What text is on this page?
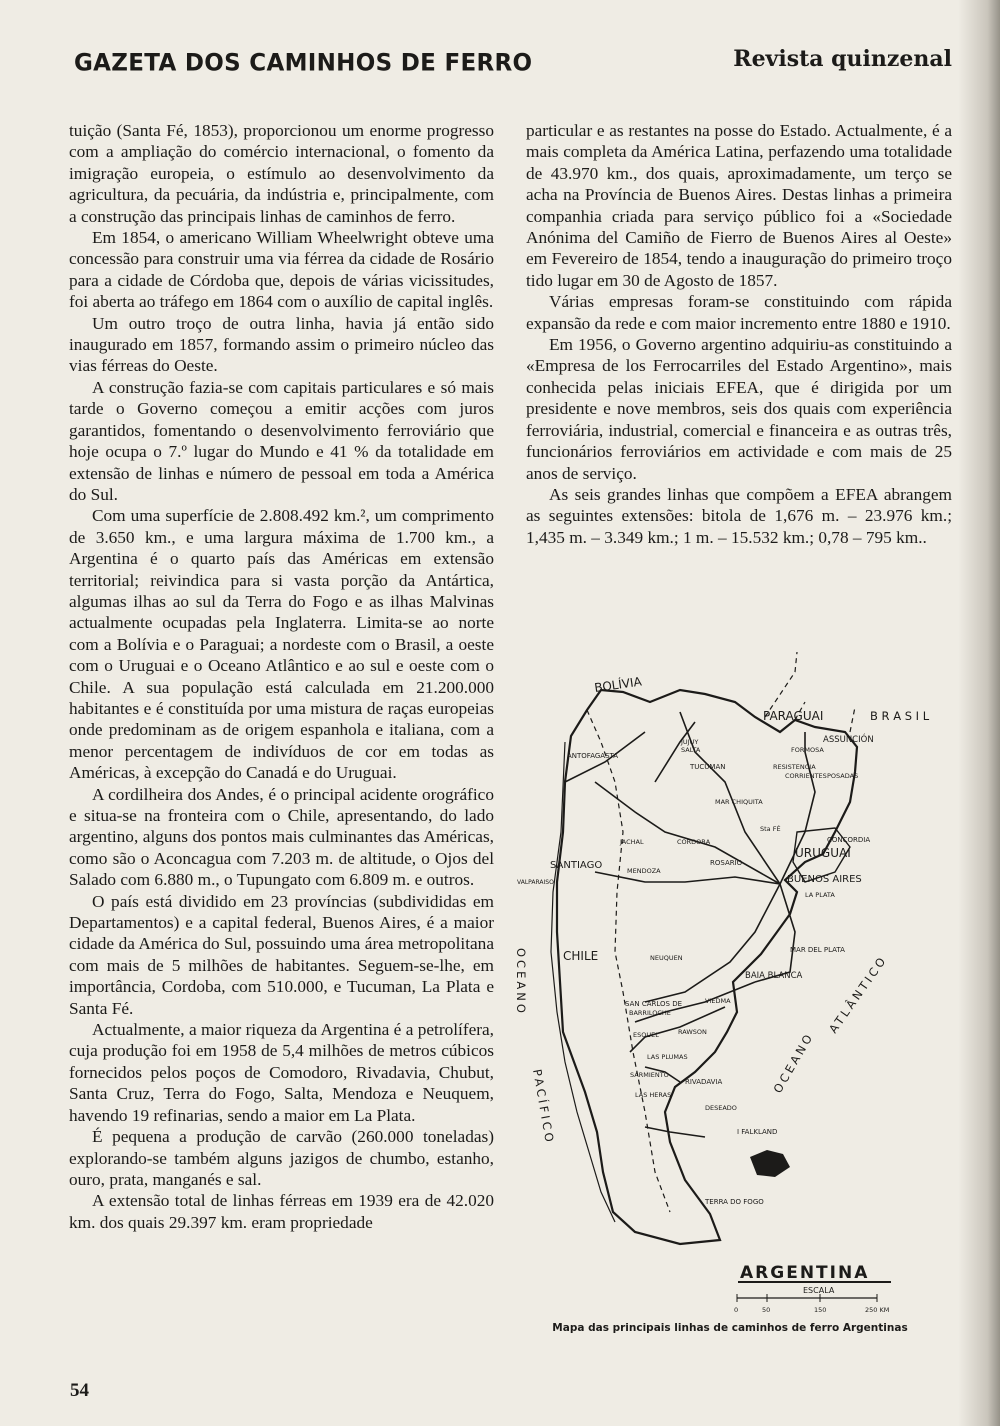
GAZETA DOS CAMINHOS DE FERRO	Revista quinzenal

tuição (Santa Fé, 1853), proporcionou um enorme progresso com a ampliação do comércio internacional, o fomento da imigração europeia, o estímulo ao desenvolvimento da agricultura, da pecuária, da indústria e, principalmente, com a construção das principais linhas de caminhos de ferro.

Em 1854, o americano William Wheelwright obteve uma concessão para construir uma via férrea da cidade de Rosário para a cidade de Córdoba que, depois de várias vicissitudes, foi aberta ao tráfego em 1864 com o auxílio de capital inglês.

Um outro troço de outra linha, havia já então sido inaugurado em 1857, formando assim o primeiro núcleo das vias férreas do Oeste.

A construção fazia-se com capitais particulares e só mais tarde o Governo começou a emitir acções com juros garantidos, fomentando o desenvolvimento ferroviário que hoje ocupa o 7.º lugar do Mundo e 41 % da totalidade em extensão de linhas e número de pessoal em toda a América do Sul.

Com uma superfície de 2.808.492 km.², um comprimento de 3.650 km., e uma largura máxima de 1.700 km., a Argentina é o quarto país das Américas em extensão territorial; reivindica para si vasta porção da Antártica, algumas ilhas ao sul da Terra do Fogo e as ilhas Malvinas actualmente ocupadas pela Inglaterra. Limita-se ao norte com a Bolívia e o Paraguai; a nordeste com o Brasil, a oeste com o Uruguai e o Oceano Atlântico e ao sul e oeste com o Chile. A sua população está calculada em 21.200.000 habitantes e é constituída por uma mistura de raças europeias onde predominam as de origem espanhola e italiana, com a menor percentagem de indivíduos de cor em todas as Américas, à excepção do Canadá e do Uruguai.

A cordilheira dos Andes, é o principal acidente orográfico e situa-se na fronteira com o Chile, apresentando, do lado argentino, alguns dos pontos mais culminantes das Américas, como são o Aconcagua com 7.203 m. de altitude, o Ojos del Salado com 6.880 m., o Tupungato com 6.809 m. e outros.

O país está dividido em 23 províncias (subdivididas em Departamentos) e a capital federal, Buenos Aires, é a maior cidade da América do Sul, possuindo uma área metropolitana com mais de 5 milhões de habitantes. Seguem-se-lhe, em importância, Cordoba, com 510.000, e Tucuman, La Plata e Santa Fé.

Actualmente, a maior riqueza da Argentina é a petrolífera, cuja produção foi em 1958 de 5,4 milhões de metros cúbicos fornecidos pelos poços de Comodoro, Rivadavia, Chubut, Santa Cruz, Terra do Fogo, Salta, Mendoza e Neuquem, havendo 19 refinarias, sendo a maior em La Plata.

É pequena a produção de carvão (260.000 toneladas) explorando-se também alguns jazigos de chumbo, estanho, ouro, prata, manganés e sal.

A extensão total de linhas férreas em 1939 era de 42.020 km. dos quais 29.397 km. eram propriedade

particular e as restantes na posse do Estado. Actualmente, é a mais completa da América Latina, perfazendo uma totalidade de 43.970 km., dos quais, aproximadamente, um terço se acha na Província de Buenos Aires. Destas linhas a primeira companhia criada para serviço público foi a «Sociedade Anónima del Camiño de Fierro de Buenos Aires al Oeste» em Fevereiro de 1854, tendo a inauguração do primeiro troço tido lugar em 30 de Agosto de 1857.

Várias empresas foram-se constituindo com rápida expansão da rede e com maior incremento entre 1880 e 1910.

Em 1956, o Governo argentino adquiriu-as constituindo a «Empresa de los Ferrocarriles del Estado Argentino», mais conhecida pelas iniciais EFEA, que é dirigida por um presidente e nove membros, seis dos quais com experiência ferroviária, industrial, comercial e financeira e as outras três, funcionários ferroviários em actividade e com mais de 25 anos de serviço.

As seis grandes linhas que compõem a EFEA abrangem as seguintes extensões: bitola de 1,676 m. – 23.976 km.; 1,435 m. – 3.349 km.; 1 m. – 15.532 km.; 0,78 – 795 km..

BOLÍVIA
PARAGUAI	B R A S I L
ANTOFAGASTA
JUJUY
SALTA
ASSUNCIÓN
FORMOSA
TUCUMAN	RESISTENCIA
CORRIENTES POSADAS
MAR CHIQUITA
Sta FÉ
CONCORDIA
JACHAL	CORDOBA
URUGUAI
ROSARIO
SANTIAGO	MENDOZA
VALPARAISO	BUENOS AIRES
LA PLATA
CHILE	NEUQUEN
MAR DEL PLATA
BAIA BLANCA
VIEDMA
SAN CARLOS DE
BARRILOCHE
ESQUEL	RAWSON
LAS PLUMAS
SARMIENTO
RIVADAVIA
LAS HERAS
DESEADO
I FALKLAND
TERRA DO FOGO
OCEANO
PACÍFICO
OCEANO
ATLÂNTICO
ARGENTINA
ESCALA
0	50	150	250 KM
Mapa das principais linhas de caminhos de ferro Argentinas
54
